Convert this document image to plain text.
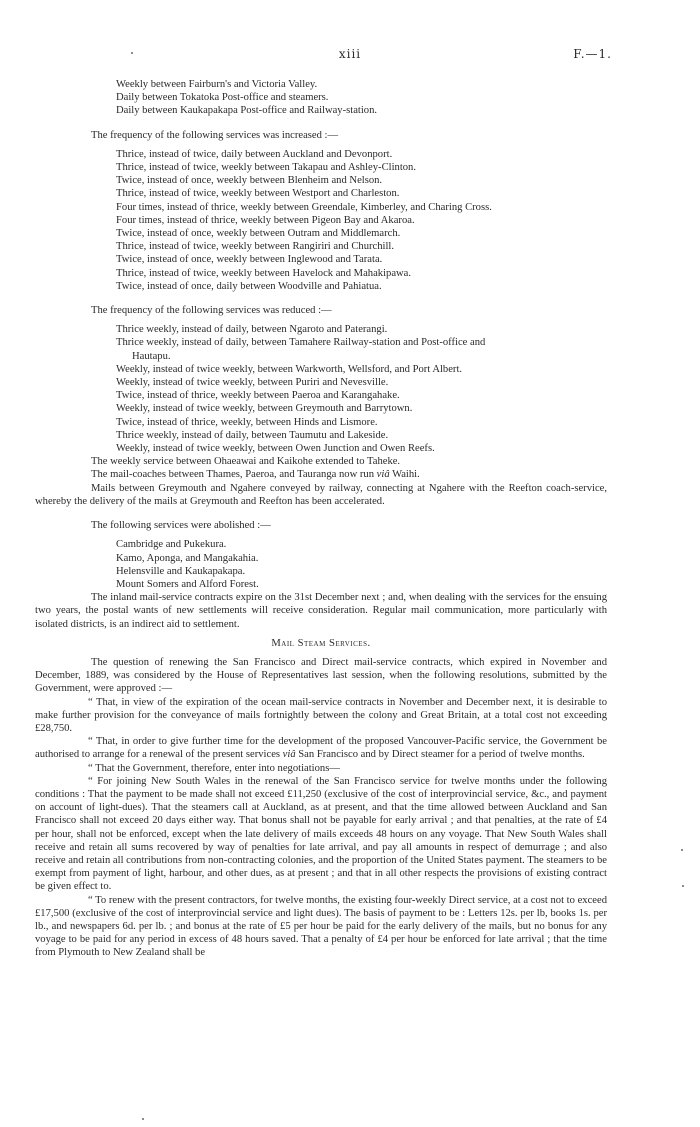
xiii	F.—1.
Weekly between Fairburn's and Victoria Valley.
Daily between Tokatoka Post-office and steamers.
Daily between Kaukapakapa Post-office and Railway-station.
The frequency of the following services was increased :—
Thrice, instead of twice, daily between Auckland and Devonport.
Thrice, instead of twice, weekly between Takapau and Ashley-Clinton.
Twice, instead of once, weekly between Blenheim and Nelson.
Thrice, instead of twice, weekly between Westport and Charleston.
Four times, instead of thrice, weekly between Greendale, Kimberley, and Charing Cross.
Four times, instead of thrice, weekly between Pigeon Bay and Akaroa.
Twice, instead of once, weekly between Outram and Middlemarch.
Thrice, instead of twice, weekly between Rangiriri and Churchill.
Twice, instead of once, weekly between Inglewood and Tarata.
Thrice, instead of twice, weekly between Havelock and Mahakipawa.
Twice, instead of once, daily between Woodville and Pahiatua.
The frequency of the following services was reduced :—
Thrice weekly, instead of daily, between Ngaroto and Paterangi.
Thrice weekly, instead of daily, between Tamahere Railway-station and Post-office and
Hautapu.
Weekly, instead of twice weekly, between Warkworth, Wellsford, and Port Albert.
Weekly, instead of twice weekly, between Puriri and Nevesville.
Twice, instead of thrice, weekly between Paeroa and Karangahake.
Weekly, instead of twice weekly, between Greymouth and Barrytown.
Twice, instead of thrice, weekly, between Hinds and Lismore.
Thrice weekly, instead of daily, between Taumutu and Lakeside.
Weekly, instead of twice weekly, between Owen Junction and Owen Reefs.
The weekly service between Ohaeawai and Kaikohe extended to Taheke.
The mail-coaches between Thames, Paeroa, and Tauranga now run viâ Waihi.
Mails between Greymouth and Ngahere conveyed by railway, connecting at Ngahere with the Reefton coach-service, whereby the delivery of the mails at Greymouth and Reefton has been accelerated.
The following services were abolished :—
Cambridge and Pukekura.
Kamo, Aponga, and Mangakahia.
Helensville and Kaukapakapa.
Mount Somers and Alford Forest.
The inland mail-service contracts expire on the 31st December next ; and, when dealing with the services for the ensuing two years, the postal wants of new settlements will receive consideration. Regular mail communication, more particularly with isolated districts, is an indirect aid to settlement.
Mail Steam Services.
The question of renewing the San Francisco and Direct mail-service contracts, which expired in November and December, 1889, was considered by the House of Representatives last session, when the following resolutions, submitted by the Government, were approved :—
“ That, in view of the expiration of the ocean mail-service contracts in November and December next, it is desirable to make further provision for the conveyance of mails fortnightly between the colony and Great Britain, at a total cost not exceeding £28,750.
“ That, in order to give further time for the development of the proposed Vancouver-Pacific service, the Government be authorised to arrange for a renewal of the present services viâ San Francisco and by Direct steamer for a period of twelve months.
“ That the Government, therefore, enter into negotiations—
“ For joining New South Wales in the renewal of the San Francisco service for twelve months under the following conditions : That the payment to be made shall not exceed £11,250 (exclusive of the cost of interprovincial service, &c., and payment on account of light-dues). That the steamers call at Auckland, as at present, and that the time allowed between Auckland and San Francisco shall not exceed 20 days either way. That bonus shall not be payable for early arrival ; and that penalties, at the rate of £4 per hour, shall not be enforced, except when the late delivery of mails exceeds 48 hours on any voyage. That New South Wales shall receive and retain all sums recovered by way of penalties for late arrival, and pay all amounts in respect of demurrage ; and also receive and retain all contributions from non-contracting colonies, and the proportion of the United States payment. The steamers to be exempt from payment of light, harbour, and other dues, as at present ; and that in all other respects the provisions of existing contract be given effect to.
“ To renew with the present contractors, for twelve months, the existing four-weekly Direct service, at a cost not to exceed £17,500 (exclusive of the cost of interprovincial service and light dues). The basis of payment to be : Letters 12s. per lb, books 1s. per lb., and newspapers 6d. per lb. ; and bonus at the rate of £5 per hour be paid for the early delivery of the mails, but no bonus for any voyage to be paid for any period in excess of 48 hours saved. That a penalty of £4 per hour be enforced for late arrival ; that the time from Plymouth to New Zealand shall be
